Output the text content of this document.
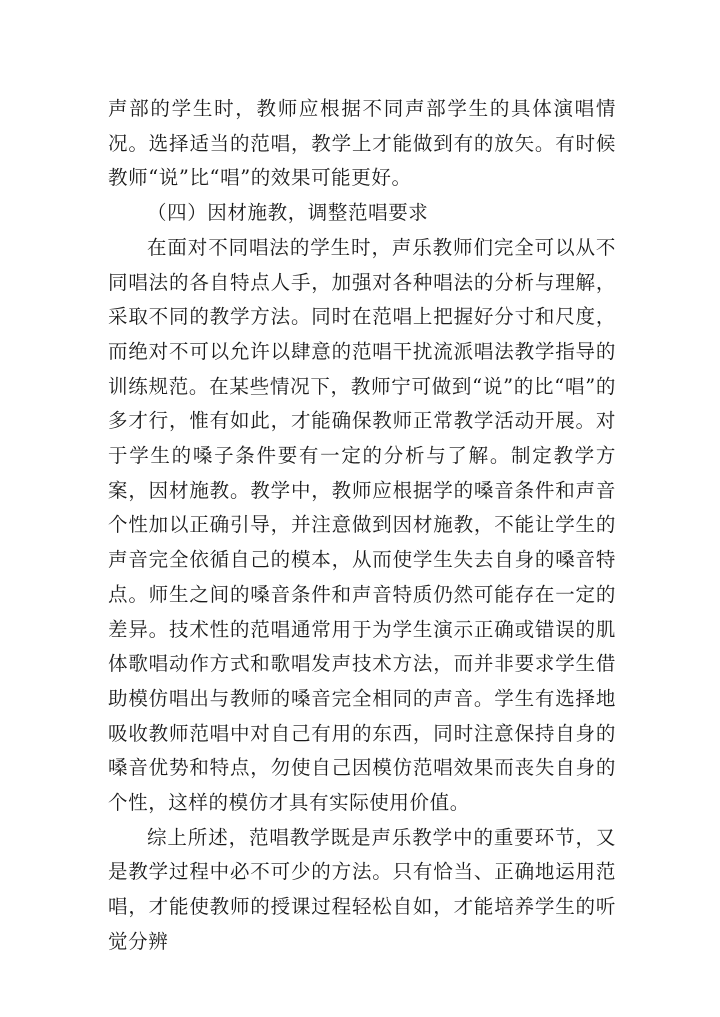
声部的学生时，教师应根据不同声部学生的具体演唱情况。选择适当的范唱，教学上才能做到有的放矢。有时候教师“说”比“唱”的效果可能更好。

（四）因材施教，调整范唱要求

在面对不同唱法的学生时，声乐教师们完全可以从不同唱法的各自特点人手，加强对各种唱法的分析与理解，采取不同的教学方法。同时在范唱上把握好分寸和尺度，而绝对不可以允许以肆意的范唱干扰流派唱法教学指导的训练规范。在某些情况下，教师宁可做到“说”的比“唱”的多才行，惟有如此，才能确保教师正常教学活动开展。对于学生的嗓子条件要有一定的分析与了解。制定教学方案，因材施教。教学中，教师应根据学的嗓音条件和声音个性加以正确引导，并注意做到因材施教，不能让学生的声音完全依循自己的模本，从而使学生失去自身的嗓音特点。师生之间的嗓音条件和声音特质仍然可能存在一定的差异。技术性的范唱通常用于为学生演示正确或错误的肌体歌唱动作方式和歌唱发声技术方法，而并非要求学生借助模仿唱出与教师的嗓音完全相同的声音。学生有选择地吸收教师范唱中对自己有用的东西，同时注意保持自身的嗓音优势和特点，勿使自己因模仿范唱效果而丧失自身的个性，这样的模仿才具有实际使用价值。

综上所述，范唱教学既是声乐教学中的重要环节，又是教学过程中必不可少的方法。只有恰当、正确地运用范唱，才能使教师的授课过程轻松自如，才能培养学生的听觉分辨
